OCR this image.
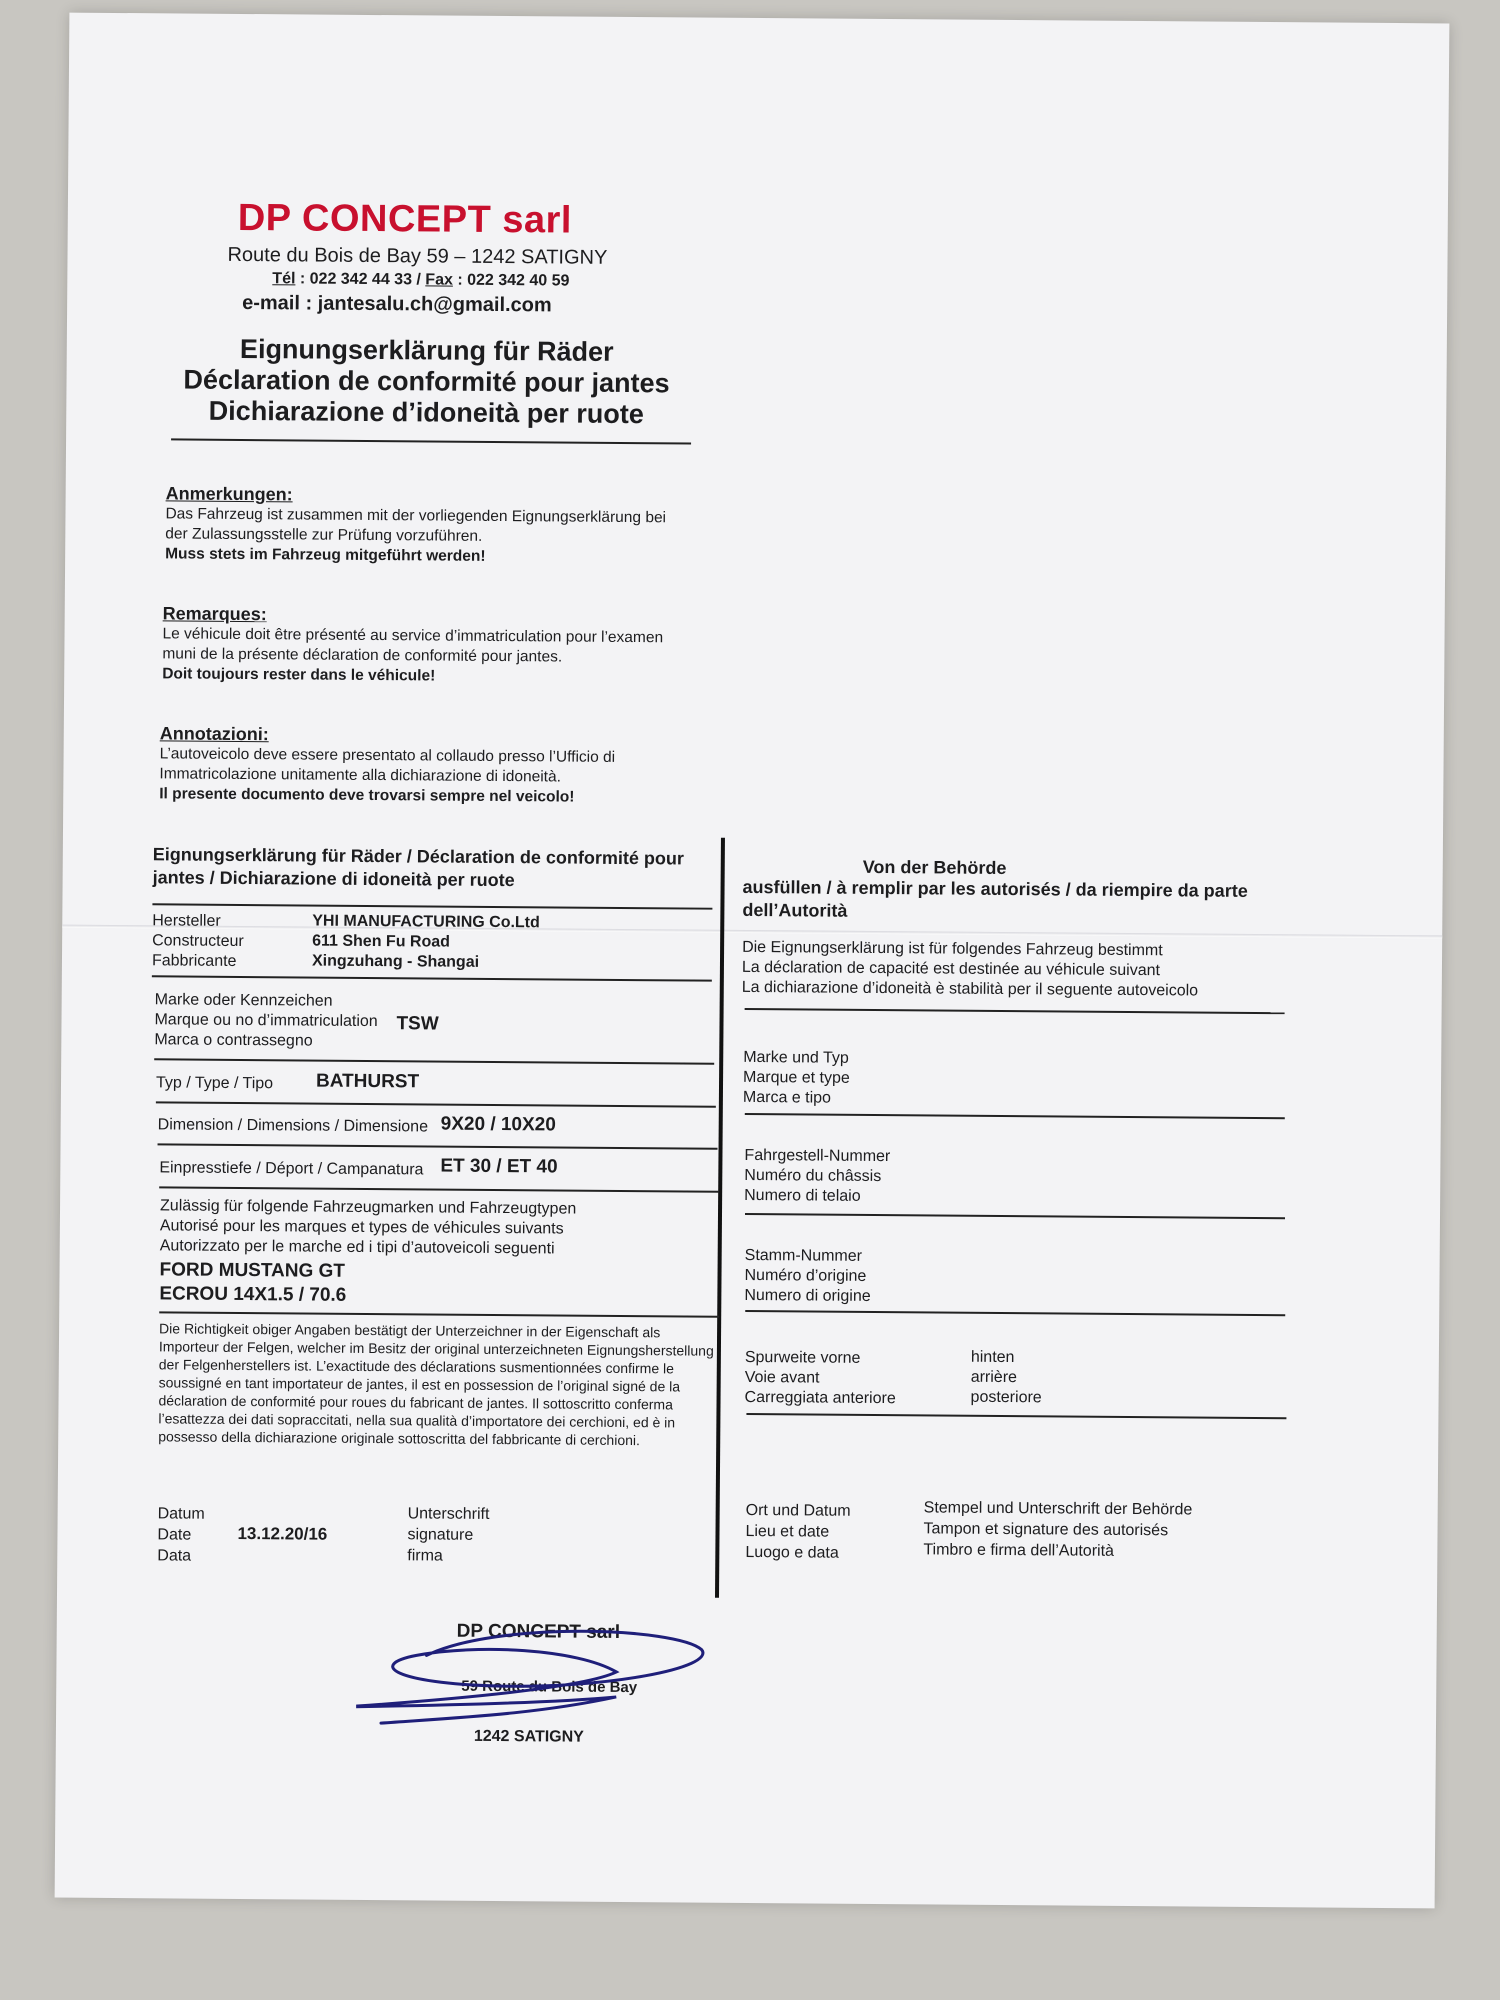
DP CONCEPT sarl
Route du Bois de Bay 59 – 1242 SATIGNY
Tél : 022 342 44 33 / Fax : 022 342 40 59
e-mail : jantesalu.ch@gmail.com
Eignungserklärung für Räder
Déclaration de conformité pour jantes
Dichiarazione d’idoneità per ruote
Anmerkungen:
Das Fahrzeug ist zusammen mit der vorliegenden Eignungserklärung bei der Zulassungsstelle zur Prüfung vorzuführen.
Muss stets im Fahrzeug mitgeführt werden!
Remarques:
Le véhicule doit être présenté au service d’immatriculation pour l’examen muni de la présente déclaration de conformité pour jantes.
Doit toujours rester dans le véhicule!
Annotazioni:
L’autoveicolo deve essere presentato al collaudo presso l’Ufficio di Immatricolazione unitamente alla dichiarazione di idoneità.
Il presente documento deve trovarsi sempre nel veicolo!
Eignungserklärung für Räder / Déclaration de conformité pour jantes / Dichiarazione di idoneità per ruote
Hersteller
Constructeur
Fabbricante
YHI MANUFACTURING Co.Ltd
611 Shen Fu Road
Xingzuhang - Shangai
Marke oder Kennzeichen
Marque ou no d’immatriculation
Marca o contrassegno
TSW
Typ / Type / Tipo BATHURST
Dimension / Dimensions / Dimensione 9X20 / 10X20
Einpresstiefe / Déport / Campanatura ET 30 / ET 40
Zulässig für folgende Fahrzeugmarken und Fahrzeugtypen
Autorisé pour les marques et types de véhicules suivants
Autorizzato per le marche ed i tipi d’autoveicoli seguenti
FORD MUSTANG GT
ECROU 14X1.5 / 70.6
Die Richtigkeit obiger Angaben bestätigt der Unterzeichner in der Eigenschaft als Importeur der Felgen, welcher im Besitz der original unterzeichneten Eignungsherstellung der Felgenherstellers ist. L’exactitude des déclarations susmentionnées confirme le soussigné en tant importateur de jantes, il est en possession de l’original signé de la déclaration de conformité pour roues du fabricant de jantes. Il sottoscritto conferma l’esattezza dei dati sopraccitati, nella sua qualità d’importatore dei cerchioni, ed è in possesso della dichiarazione originale sottoscritta del fabbricante di cerchioni.
Datum
Date
Data
13.12.20/16
Unterschrift
signature
firma
Von der Behörde
ausfüllen / à remplir par les autorisés / da riempire da parte dell’Autorità
Die Eignungserklärung ist für folgendes Fahrzeug bestimmt
La déclaration de capacité est destinée au véhicule suivant
La dichiarazione d’idoneità è stabilità per il seguente autoveicolo
Marke und Typ
Marque et type
Marca e tipo
Fahrgestell-Nummer
Numéro du châssis
Numero di telaio
Stamm-Nummer
Numéro d’origine
Numero di origine
Spurweite vorne
Voie avant
Carreggiata anteriore
hinten
arrière
posteriore
Ort und Datum
Lieu et date
Luogo e data
Stempel und Unterschrift der Behörde
Tampon et signature des autorisés
Timbro e firma dell’Autorità
DP CONCEPT sarl
59 Route du Bois de Bay
1242 SATIGNY
